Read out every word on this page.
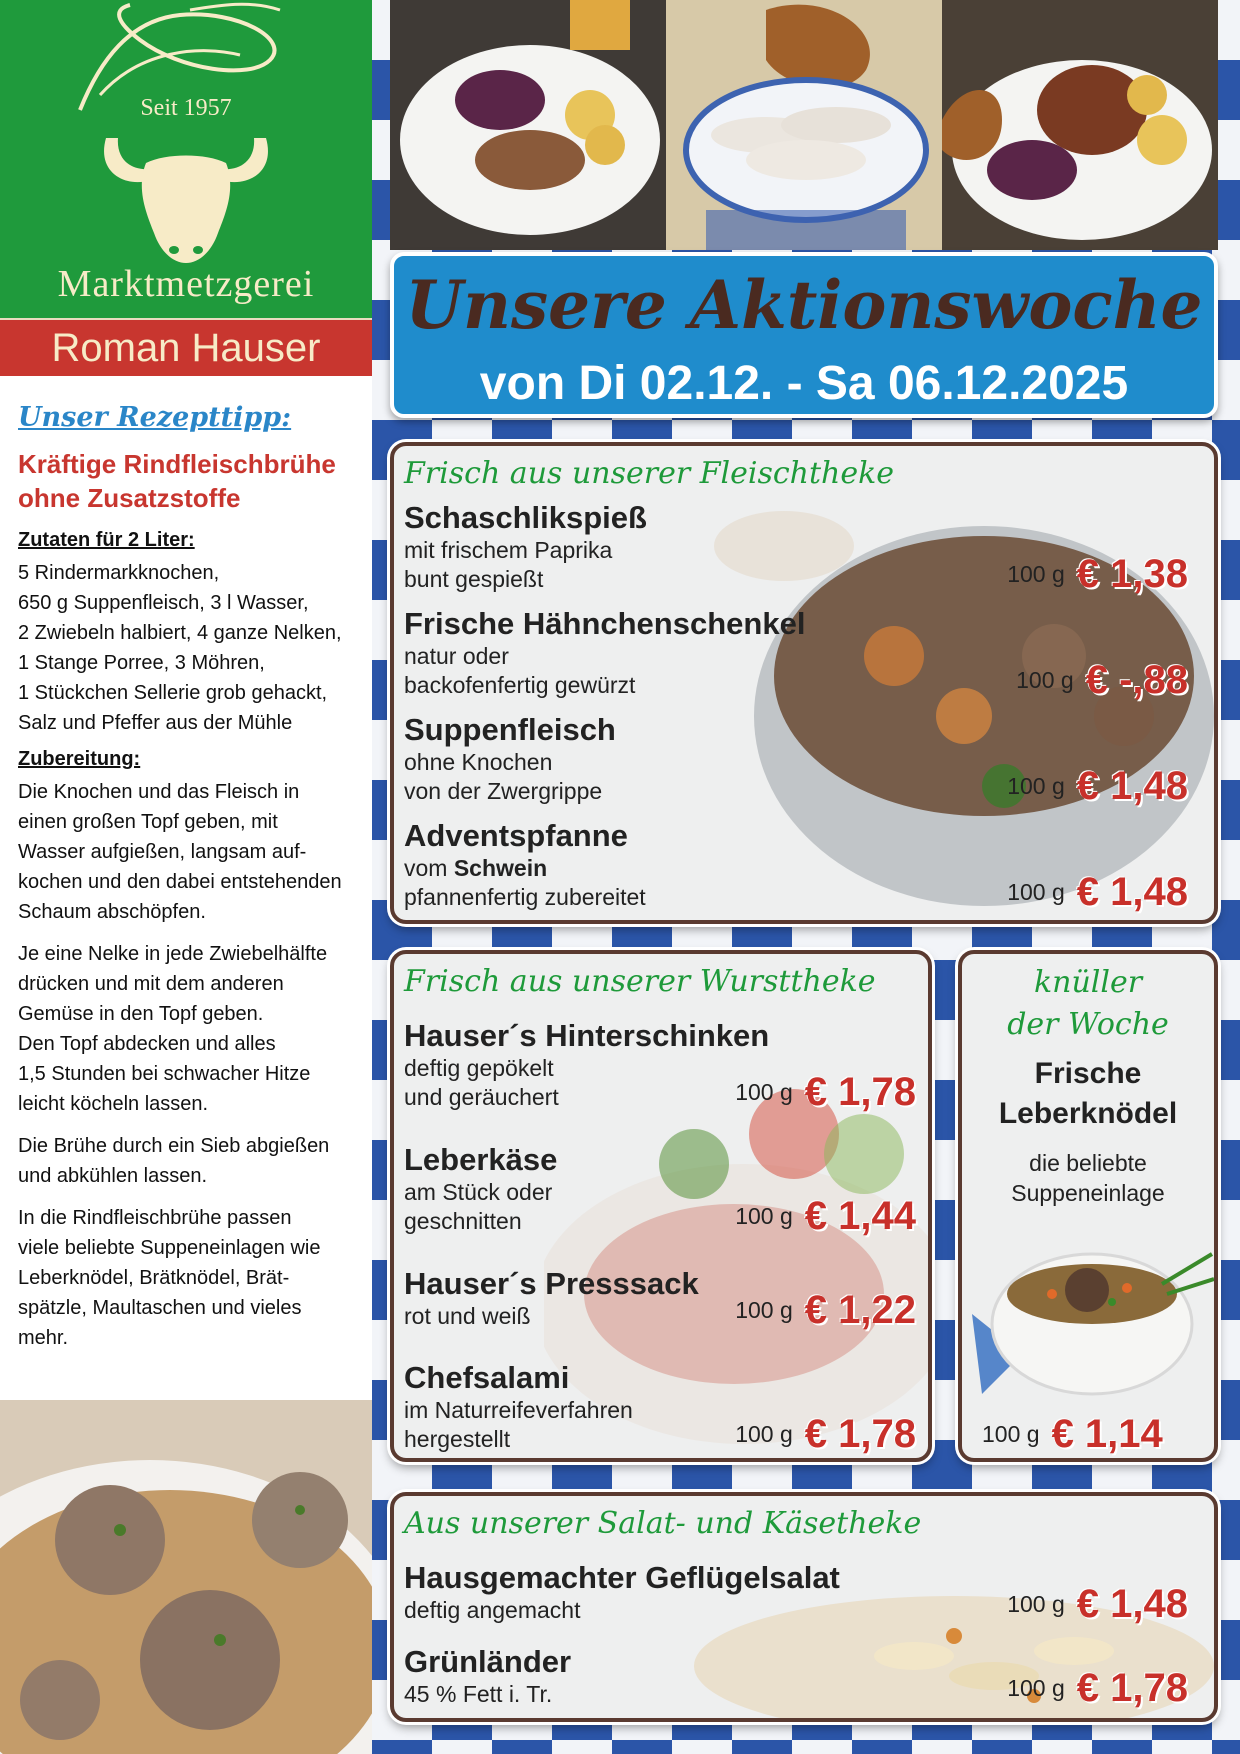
Seit 1957
Marktmetzgerei
Roman Hauser
Unser Rezepttipp:
Kräftige Rindfleischbrühe
ohne Zusatzstoffe
Zutaten für 2 Liter:
5 Rindermarkknochen,
650 g Suppenfleisch, 3 l Wasser,
2 Zwiebeln halbiert, 4 ganze Nelken,
1 Stange Porree, 3 Möhren,
1 Stückchen Sellerie grob gehackt,
Salz und Pfeffer aus der Mühle
Zubereitung:
Die Knochen und das Fleisch in
einen großen Topf geben, mit
Wasser aufgießen, langsam auf-
kochen und den dabei entstehenden
Schaum abschöpfen.
Je eine Nelke in jede Zwiebelhälfte
drücken und mit dem anderen
Gemüse in den Topf geben.
Den Topf abdecken und alles
1,5 Stunden bei schwacher Hitze
leicht köcheln lassen.
Die Brühe durch ein Sieb abgießen
und abkühlen lassen.
In die Rindfleischbrühe passen
viele beliebte Suppeneinlagen wie
Leberknödel, Brätknödel, Brät-
spätzle, Maultaschen und vieles
mehr.
Unsere Aktionswoche
von Di 02.12. - Sa 06.12.2025
Frisch aus unserer Fleischtheke
Schaschlikspieß
mit frischem Paprika
bunt gespießt	100 g € 1,38
Frische Hähnchenschenkel
natur oder
backofenfertig gewürzt	100 g € -,88
Suppenfleisch
ohne Knochen
von der Zwergrippe	100 g € 1,48
Adventspfanne
vom Schwein
pfannenfertig zubereitet	100 g € 1,48
Frisch aus unserer Wursttheke
Hauser´s Hinterschinken
deftig gepökelt
und geräuchert	100 g € 1,78
Leberkäse
am Stück oder
geschnitten	100 g € 1,44
Hauser´s Presssack
rot und weiß	100 g € 1,22
Chefsalami
im Naturreifeverfahren
hergestellt	100 g € 1,78
knüller
der Woche
Frische
Leberknödel
die beliebte
Suppeneinlage
100 g € 1,14
Aus unserer Salat- und Käsetheke
Hausgemachter Geflügelsalat
deftig angemacht	100 g € 1,48
Grünländer
45 % Fett i. Tr.	100 g € 1,78
